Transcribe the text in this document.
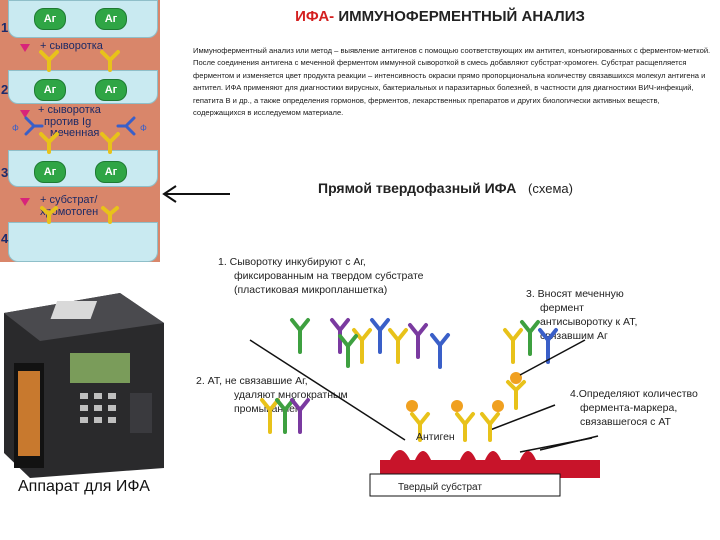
ИФА- ИММУНОФЕРМЕНТНЫЙ АНАЛИЗ
Иммуноферментный анализ или метод – выявление антигенов с помощью соответствующих им антител, конъюгированных с ферментом-меткой. После соединения антигена с меченной ферментом иммунной сывороткой в смесь добавляют субстрат-хромоген. Субстрат расщепляется ферментом и изменяется цвет продукта реакции – интенсивность окраски прямо пропорциональна количеству связавшихся молекул антигена и антител. ИФА применяют для диагностики вирусных, бактериальных и паразитарных болезней, в частности для диагностики ВИЧ-инфекций, гепатита В и др., а также определения гормонов, ферментов, лекарственных препаратов и других биологически активных веществ, содержащихся в исследуемом материале.
1
2
3
4
Аг	Аг
Аг	Аг
Аг	Аг
+ сыворотка
+ сыворотка
против Ig
меченная
+ субстрат/
хромотоген
Ф	Ф
Аппарат для ИФА
Прямой твердофазный ИФА (схема)
1. Сыворотку инкубируют с Аг,
фиксированным на твердом субстрате
(пластиковая микропланшетка)	3. Вносят меченную
фермент
антисыворотку к АТ,
связавшим Аг
2. АТ, не связавшие Аг,
удаляют многократным
промыванием
4.Определяют количество
фермента-маркера,
связавшегося с АТ
Антиген
Твердый субстрат
